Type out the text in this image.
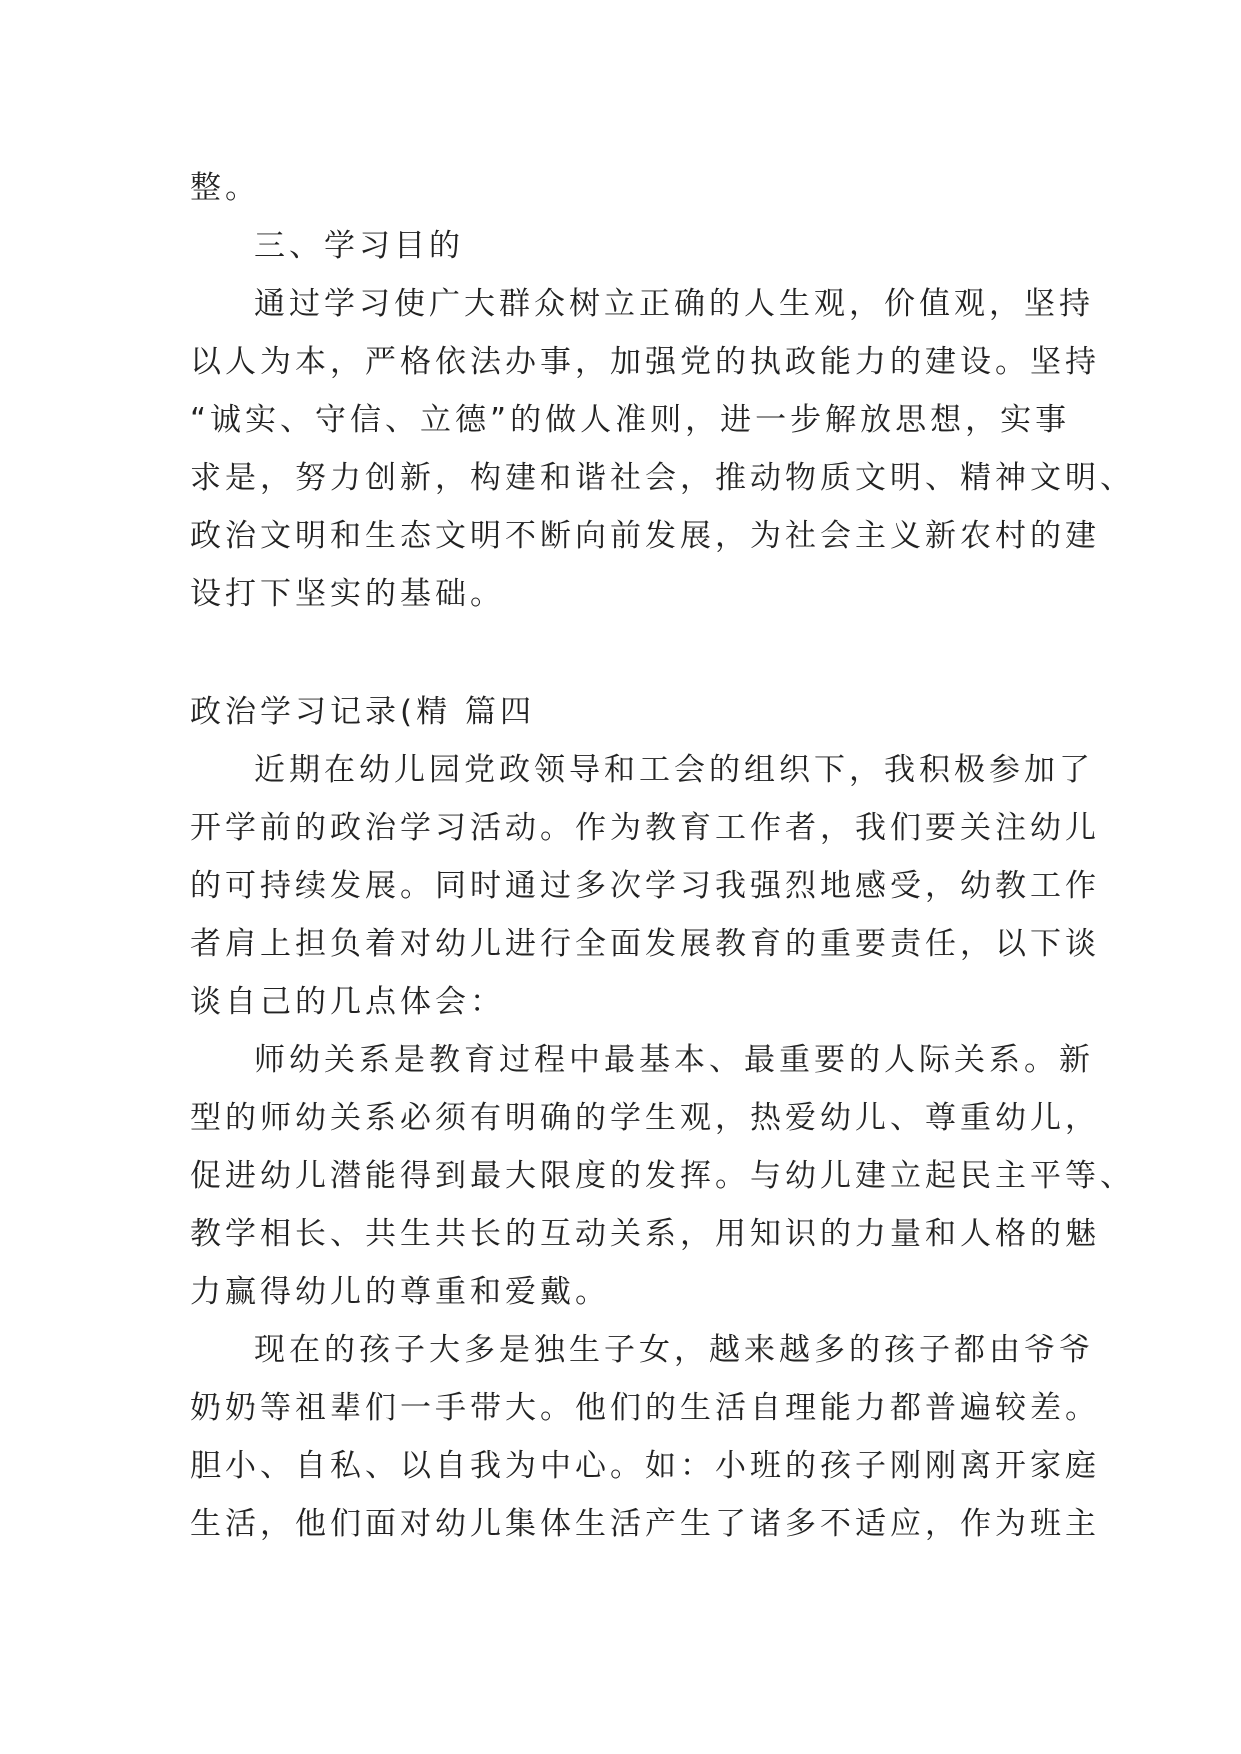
整。
三、学习目的
通过学习使广大群众树立正确的人生观，价值观，坚持
以人为本，严格依法办事，加强党的执政能力的建设。坚持
“诚实、守信、立德”的做人准则，进一步解放思想，实事
求是，努力创新，构建和谐社会，推动物质文明、精神文明、
政治文明和生态文明不断向前发展，为社会主义新农村的建
设打下坚实的基础。
政治学习记录(精 篇四
近期在幼儿园党政领导和工会的组织下，我积极参加了
开学前的政治学习活动。作为教育工作者，我们要关注幼儿
的可持续发展。同时通过多次学习我强烈地感受，幼教工作
者肩上担负着对幼儿进行全面发展教育的重要责任，以下谈
谈自己的几点体会：
师幼关系是教育过程中最基本、最重要的人际关系。新
型的师幼关系必须有明确的学生观，热爱幼儿、尊重幼儿，
促进幼儿潜能得到最大限度的发挥。与幼儿建立起民主平等、
教学相长、共生共长的互动关系，用知识的力量和人格的魅
力赢得幼儿的尊重和爱戴。
现在的孩子大多是独生子女，越来越多的孩子都由爷爷
奶奶等祖辈们一手带大。他们的生活自理能力都普遍较差。
胆小、自私、以自我为中心。如：小班的孩子刚刚离开家庭
生活，他们面对幼儿集体生活产生了诸多不适应，作为班主
